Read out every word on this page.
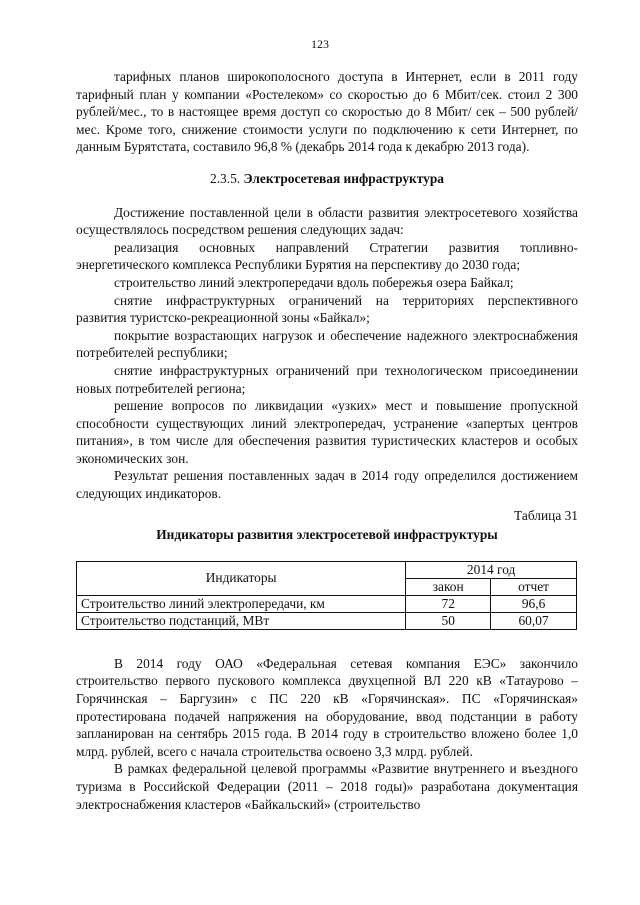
123

тарифных планов широкополосного доступа в Интернет, если в 2011 году тарифный план у компании «Ростелеком» со скоростью до 6 Мбит/сек. стоил 2 300 рублей/мес., то в настоящее время доступ со скоростью до 8 Мбит/ сек – 500 рублей/мес. Кроме того, снижение стоимости услуги по подключению к сети Интернет, по данным Бурятстата, составило 96,8 % (декабрь 2014 года к декабрю 2013 года).

2.3.5. Электросетевая инфраструктура

Достижение поставленной цели в области развития электросетевого хозяйства осуществлялось посредством решения следующих задач:

реализация основных направлений Стратегии развития топливно-энергетического комплекса Республики Бурятия на перспективу до 2030 года;

строительство линий электропередачи вдоль побережья озера Байкал;

снятие инфраструктурных ограничений на территориях перспективного развития туристско-рекреационной зоны «Байкал»;

покрытие возрастающих нагрузок и обеспечение надежного электроснабжения потребителей республики;

снятие инфраструктурных ограничений при технологическом присоединении новых потребителей региона;

решение вопросов по ликвидации «узких» мест и повышение пропускной способности существующих линий электропередач, устранение «запертых центров питания», в том числе для обеспечения развития туристических кластеров и особых экономических зон.

Результат решения поставленных задач в 2014 году определился достижением следующих индикаторов.

Таблица 31
Индикаторы развития электросетевой инфраструктуры
Индикаторы	2014 год	
	закон	отчет
Строительство линий электропередачи, км	72	96,6
Строительство подстанций, МВт	50	60,07

В 2014 году ОАО «Федеральная сетевая компания ЕЭС» закончило строительство первого пускового комплекса двухцепной ВЛ 220 кВ «Татаурово – Горячинская – Баргузин» с ПС 220 кВ «Горячинская». ПС «Горячинская» протестирована подачей напряжения на оборудование, ввод подстанции в работу запланирован на сентябрь 2015 года. В 2014 году в строительство вложено более 1,0 млрд. рублей, всего с начала строительства освоено 3,3 млрд. рублей.

В рамках федеральной целевой программы «Развитие внутреннего и въездного туризма в Российской Федерации (2011 – 2018 годы)» разработана документация электроснабжения кластеров «Байкальский» (строительство
